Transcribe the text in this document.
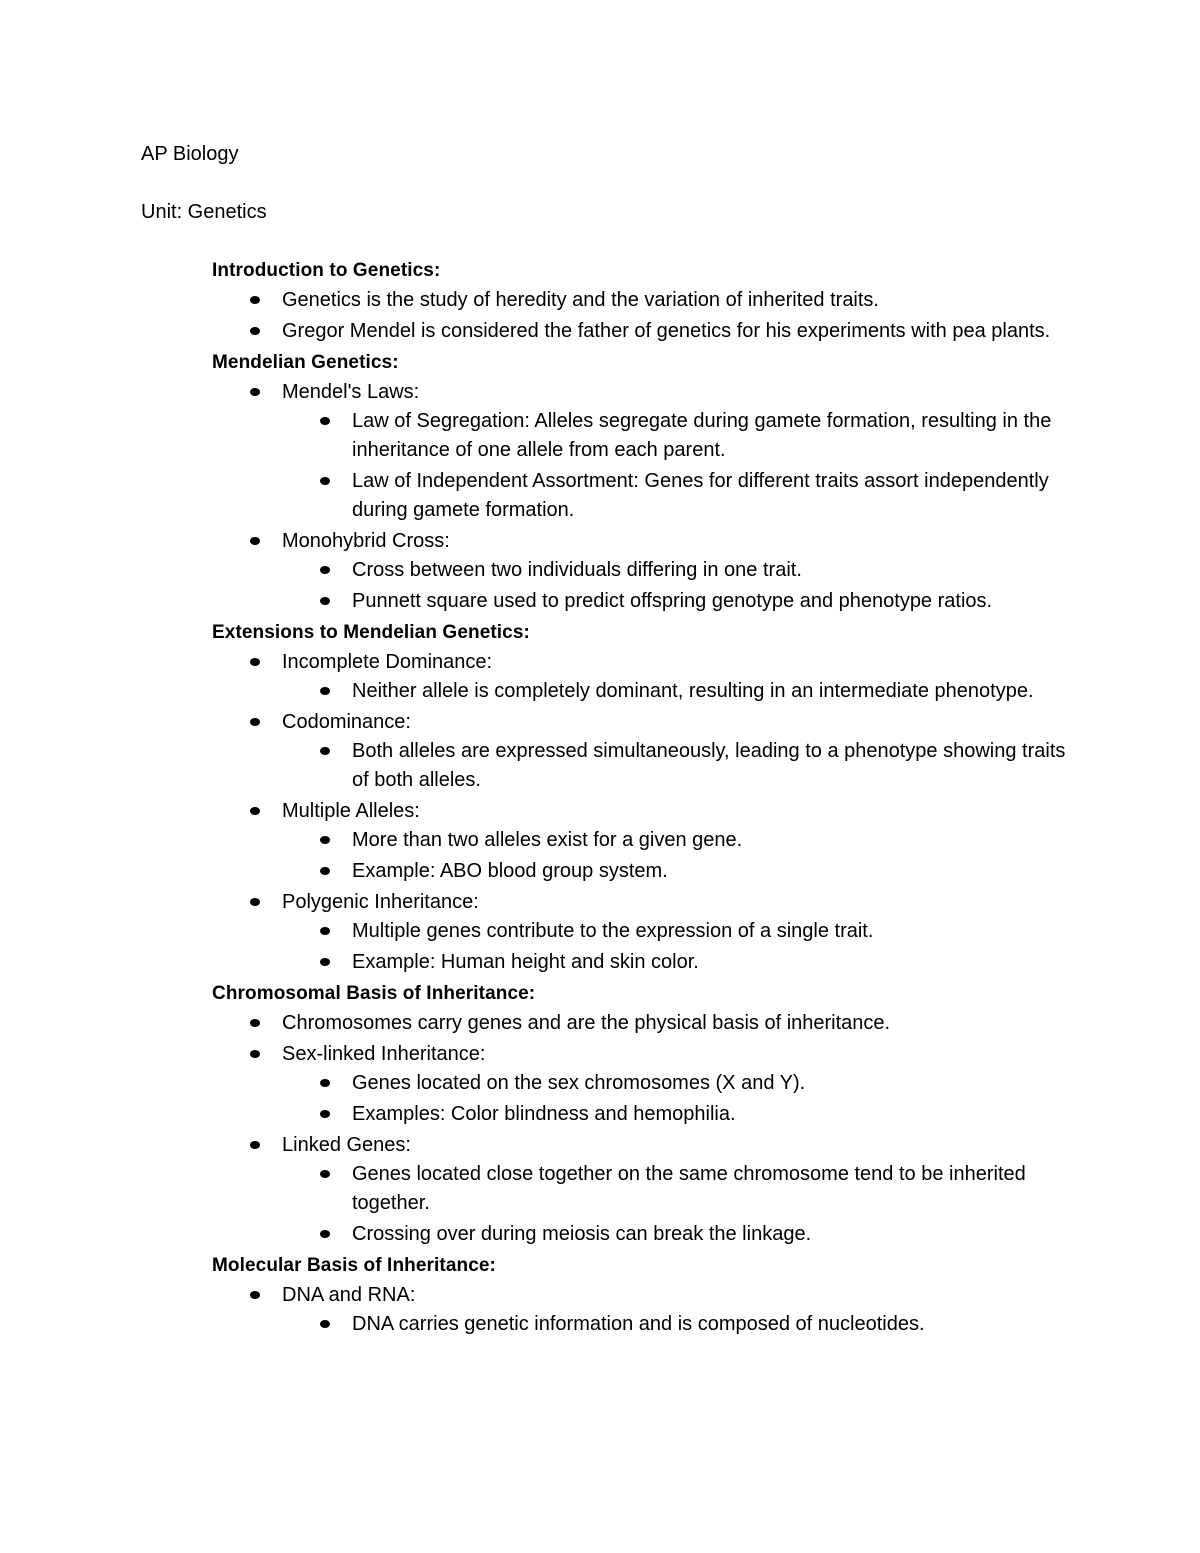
AP Biology

Unit: Genetics

Introduction to Genetics:

Genetics is the study of heredity and the variation of inherited traits.
Gregor Mendel is considered the father of genetics for his experiments with pea plants.

Mendelian Genetics:

Mendel's Laws:
Law of Segregation: Alleles segregate during gamete formation, resulting in the inheritance of one allele from each parent.
Law of Independent Assortment: Genes for different traits assort independently during gamete formation.
Monohybrid Cross:
Cross between two individuals differing in one trait.
Punnett square used to predict offspring genotype and phenotype ratios.

Extensions to Mendelian Genetics:

Incomplete Dominance:
Neither allele is completely dominant, resulting in an intermediate phenotype.
Codominance:
Both alleles are expressed simultaneously, leading to a phenotype showing traits of both alleles.
Multiple Alleles:
More than two alleles exist for a given gene.
Example: ABO blood group system.
Polygenic Inheritance:
Multiple genes contribute to the expression of a single trait.
Example: Human height and skin color.

Chromosomal Basis of Inheritance:

Chromosomes carry genes and are the physical basis of inheritance.
Sex-linked Inheritance:
Genes located on the sex chromosomes (X and Y).
Examples: Color blindness and hemophilia.
Linked Genes:
Genes located close together on the same chromosome tend to be inherited together.
Crossing over during meiosis can break the linkage.

Molecular Basis of Inheritance:

DNA and RNA:
DNA carries genetic information and is composed of nucleotides.
